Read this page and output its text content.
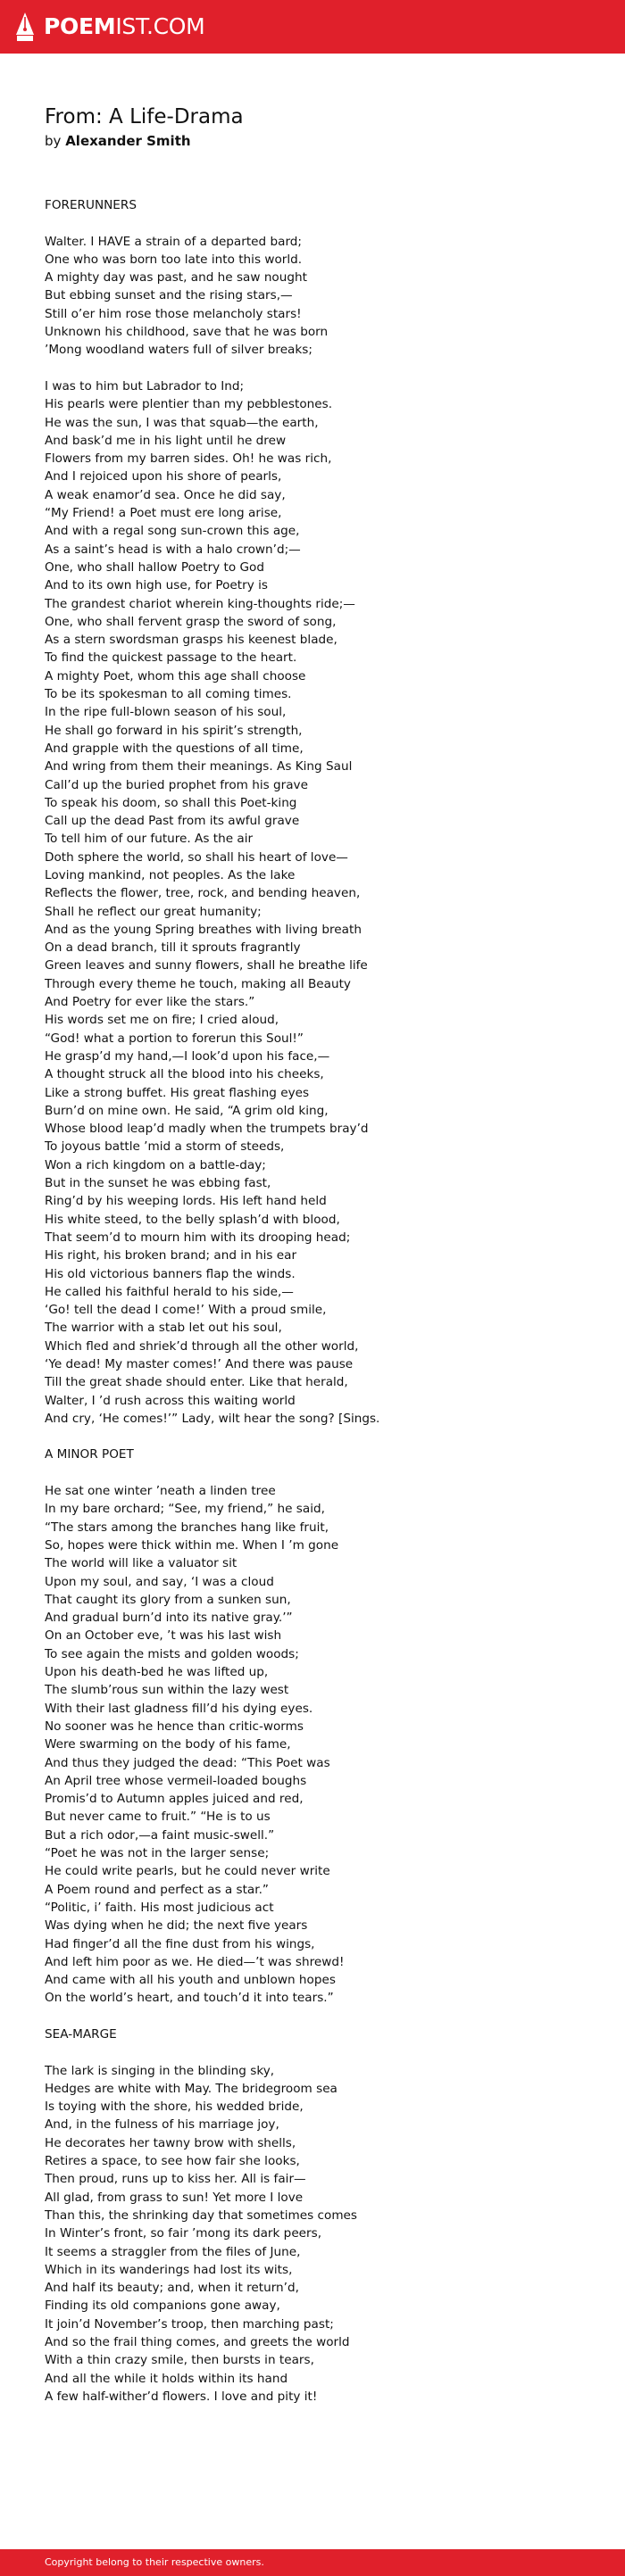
POEMIST.COM
From: A Life-Drama
by Alexander Smith
FORERUNNERS

Walter. I HAVE a strain of a departed bard;
One who was born too late into this world.
A mighty day was past, and he saw nought
But ebbing sunset and the rising stars,—
Still o’er him rose those melancholy stars!
Unknown his childhood, save that he was born
’Mong woodland waters full of silver breaks;

I was to him but Labrador to Ind;
His pearls were plentier than my pebblestones.
He was the sun, I was that squab—the earth,
And bask’d me in his light until he drew
Flowers from my barren sides. Oh! he was rich,
And I rejoiced upon his shore of pearls,
A weak enamor’d sea. Once he did say,
“My Friend! a Poet must ere long arise,
And with a regal song sun-crown this age,
As a saint’s head is with a halo crown’d;—
One, who shall hallow Poetry to God
And to its own high use, for Poetry is
The grandest chariot wherein king-thoughts ride;—
One, who shall fervent grasp the sword of song,
As a stern swordsman grasps his keenest blade,
To find the quickest passage to the heart.
A mighty Poet, whom this age shall choose
To be its spokesman to all coming times.
In the ripe full-blown season of his soul,
He shall go forward in his spirit’s strength,
And grapple with the questions of all time,
And wring from them their meanings. As King Saul
Call’d up the buried prophet from his grave
To speak his doom, so shall this Poet-king
Call up the dead Past from its awful grave
To tell him of our future. As the air
Doth sphere the world, so shall his heart of love—
Loving mankind, not peoples. As the lake
Reflects the flower, tree, rock, and bending heaven,
Shall he reflect our great humanity;
And as the young Spring breathes with living breath
On a dead branch, till it sprouts fragrantly
Green leaves and sunny flowers, shall he breathe life
Through every theme he touch, making all Beauty
And Poetry for ever like the stars.”
His words set me on fire; I cried aloud,
“God! what a portion to forerun this Soul!”
He grasp’d my hand,—I look’d upon his face,—
A thought struck all the blood into his cheeks,
Like a strong buffet. His great flashing eyes
Burn’d on mine own. He said, “A grim old king,
Whose blood leap’d madly when the trumpets bray’d
To joyous battle ’mid a storm of steeds,
Won a rich kingdom on a battle-day;
But in the sunset he was ebbing fast,
Ring’d by his weeping lords. His left hand held
His white steed, to the belly splash’d with blood,
That seem’d to mourn him with its drooping head;
His right, his broken brand; and in his ear
His old victorious banners flap the winds.
He called his faithful herald to his side,—
‘Go! tell the dead I come!’ With a proud smile,
The warrior with a stab let out his soul,
Which fled and shriek’d through all the other world,
‘Ye dead! My master comes!’ And there was pause
Till the great shade should enter. Like that herald,
Walter, I ’d rush across this waiting world
And cry, ‘He comes!’” Lady, wilt hear the song? [Sings.

A MINOR POET

He sat one winter ’neath a linden tree
In my bare orchard; “See, my friend,” he said,
“The stars among the branches hang like fruit,
So, hopes were thick within me. When I ’m gone
The world will like a valuator sit
Upon my soul, and say, ‘I was a cloud
That caught its glory from a sunken sun,
And gradual burn’d into its native gray.’”
On an October eve, ’t was his last wish
To see again the mists and golden woods;
Upon his death-bed he was lifted up,
The slumb’rous sun within the lazy west
With their last gladness fill’d his dying eyes.
No sooner was he hence than critic-worms
Were swarming on the body of his fame,
And thus they judged the dead: “This Poet was
An April tree whose vermeil-loaded boughs
Promis’d to Autumn apples juiced and red,
But never came to fruit.” “He is to us
But a rich odor,—a faint music-swell.”
“Poet he was not in the larger sense;
He could write pearls, but he could never write
A Poem round and perfect as a star.”
“Politic, i’ faith. His most judicious act
Was dying when he did; the next five years
Had finger’d all the fine dust from his wings,
And left him poor as we. He died—’t was shrewd!
And came with all his youth and unblown hopes
On the world’s heart, and touch’d it into tears.”

SEA-MARGE

The lark is singing in the blinding sky,
Hedges are white with May. The bridegroom sea
Is toying with the shore, his wedded bride,
And, in the fulness of his marriage joy,
He decorates her tawny brow with shells,
Retires a space, to see how fair she looks,
Then proud, runs up to kiss her. All is fair—
All glad, from grass to sun! Yet more I love
Than this, the shrinking day that sometimes comes
In Winter’s front, so fair ’mong its dark peers,
It seems a straggler from the files of June,
Which in its wanderings had lost its wits,
And half its beauty; and, when it return’d,
Finding its old companions gone away,
It join’d November’s troop, then marching past;
And so the frail thing comes, and greets the world
With a thin crazy smile, then bursts in tears,
And all the while it holds within its hand
A few half-wither’d flowers. I love and pity it!
Copyright belong to their respective owners.
